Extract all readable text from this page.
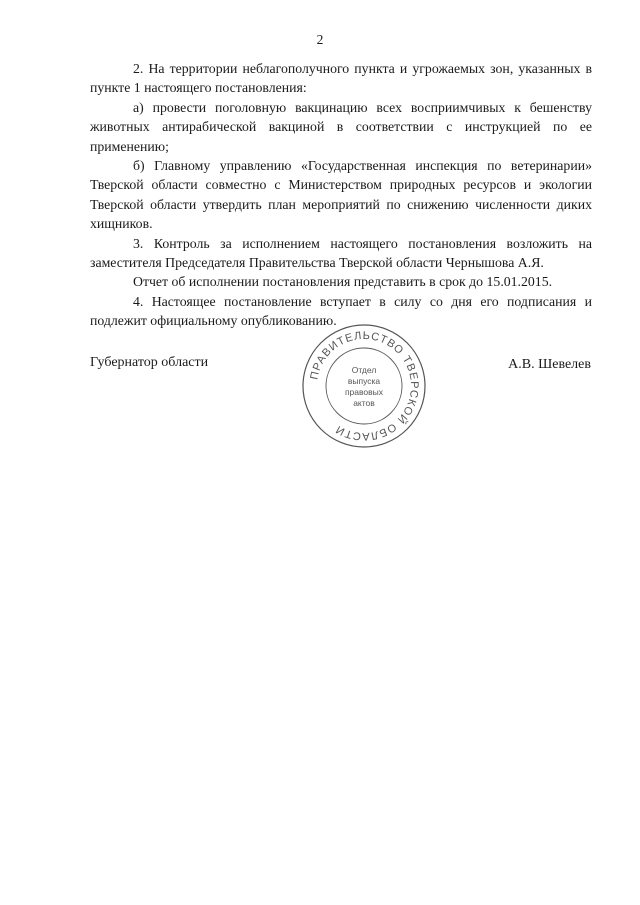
2

2. На территории неблагополучного пункта и угрожаемых зон, указанных в пункте 1 настоящего постановления:

а) провести поголовную вакцинацию всех восприимчивых к бешенству животных антирабической вакциной в соответствии с инструкцией по ее применению;

б) Главному управлению «Государственная инспекция по ветеринарии» Тверской области совместно с Министерством природных ресурсов и экологии Тверской области утвердить план мероприятий по снижению численности диких хищников.

3. Контроль за исполнением настоящего постановления возложить на заместителя Председателя Правительства Тверской области Чернышова А.Я.

Отчет об исполнении постановления представить в срок до 15.01.2015.

4. Настоящее постановление вступает в силу со дня его подписания и подлежит официальному опубликованию.

Губернатор области
ПРАВИТЕЛЬСТВО ТВЕРСКОЙ ОБЛАСТИ
Отдел
выпуска
правовых
актов
А.В. Шевелев
